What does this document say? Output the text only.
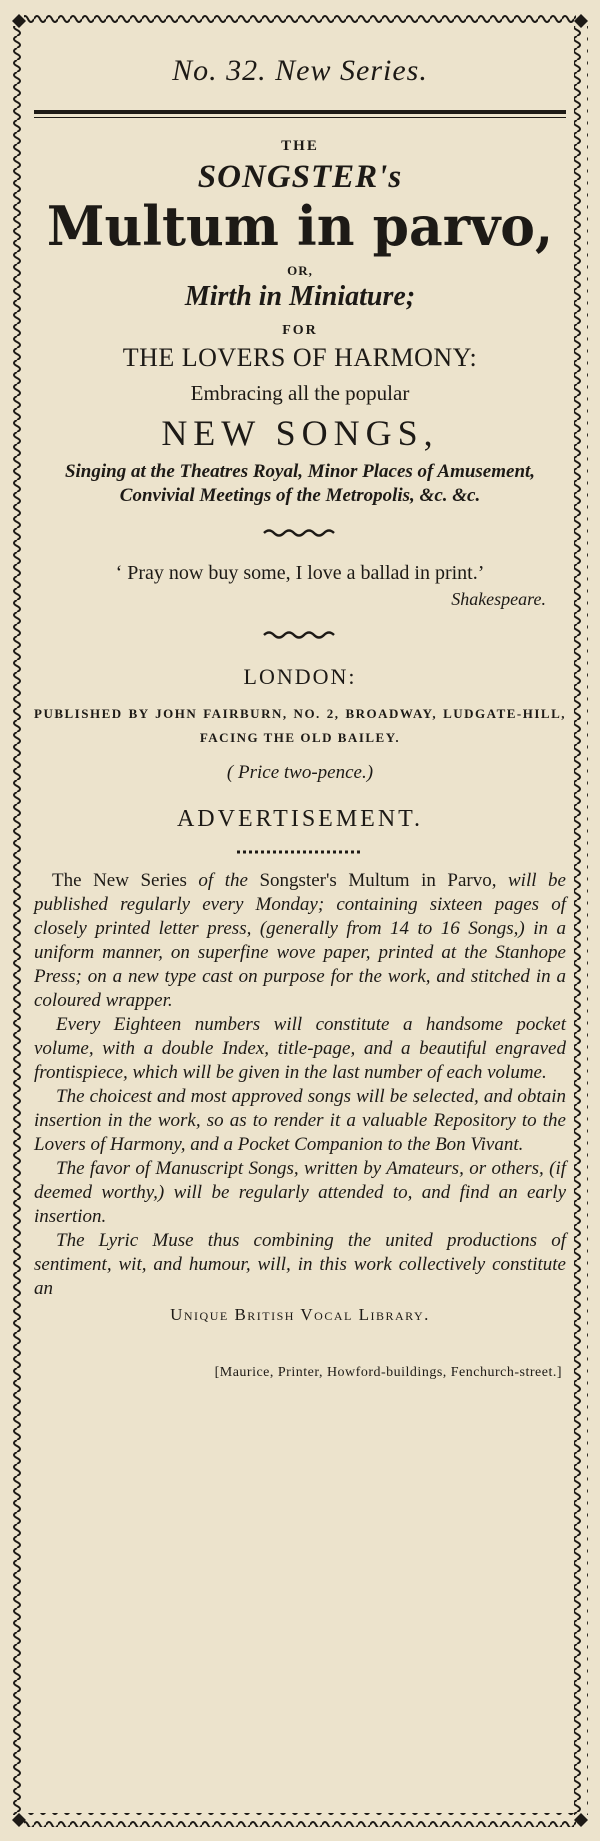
No. 32. New Series.
THE
SONGSTER's
Multum in parvo,
OR,
Mirth in Miniature;
FOR
THE LOVERS OF HARMONY:
Embracing all the popular
NEW SONGS,
Singing at the Theatres Royal, Minor Places of Amusement, Convivial Meetings of the Metropolis, &c. &c.
‘ Pray now buy some, I love a ballad in print.’
Shakespeare.
LONDON:
PUBLISHED BY JOHN FAIRBURN, NO. 2, BROADWAY, LUDGATE-HILL, FACING THE OLD BAILEY.
( Price two-pence.)
ADVERTISEMENT.

The New Series of the Songster's Multum in Parvo, will be published regularly every Monday; containing sixteen pages of closely printed letter press, (generally from 14 to 16 Songs,) in a uniform manner, on superfine wove paper, printed at the Stanhope Press; on a new type cast on purpose for the work, and stitched in a coloured wrapper.

Every Eighteen numbers will constitute a handsome pocket volume, with a double Index, title-page, and a beautiful engraved frontispiece, which will be given in the last number of each volume.

The choicest and most approved songs will be selected, and obtain insertion in the work, so as to render it a valuable Repository to the Lovers of Harmony, and a Pocket Companion to the Bon Vivant.

The favor of Manuscript Songs, written by Amateurs, or others, (if deemed worthy,) will be regularly attended to, and find an early insertion.

The Lyric Muse thus combining the united productions of sentiment, wit, and humour, will, in this work collectively constitute an

Unique British Vocal Library.
[Maurice, Printer, Howford-buildings, Fenchurch-street.]
